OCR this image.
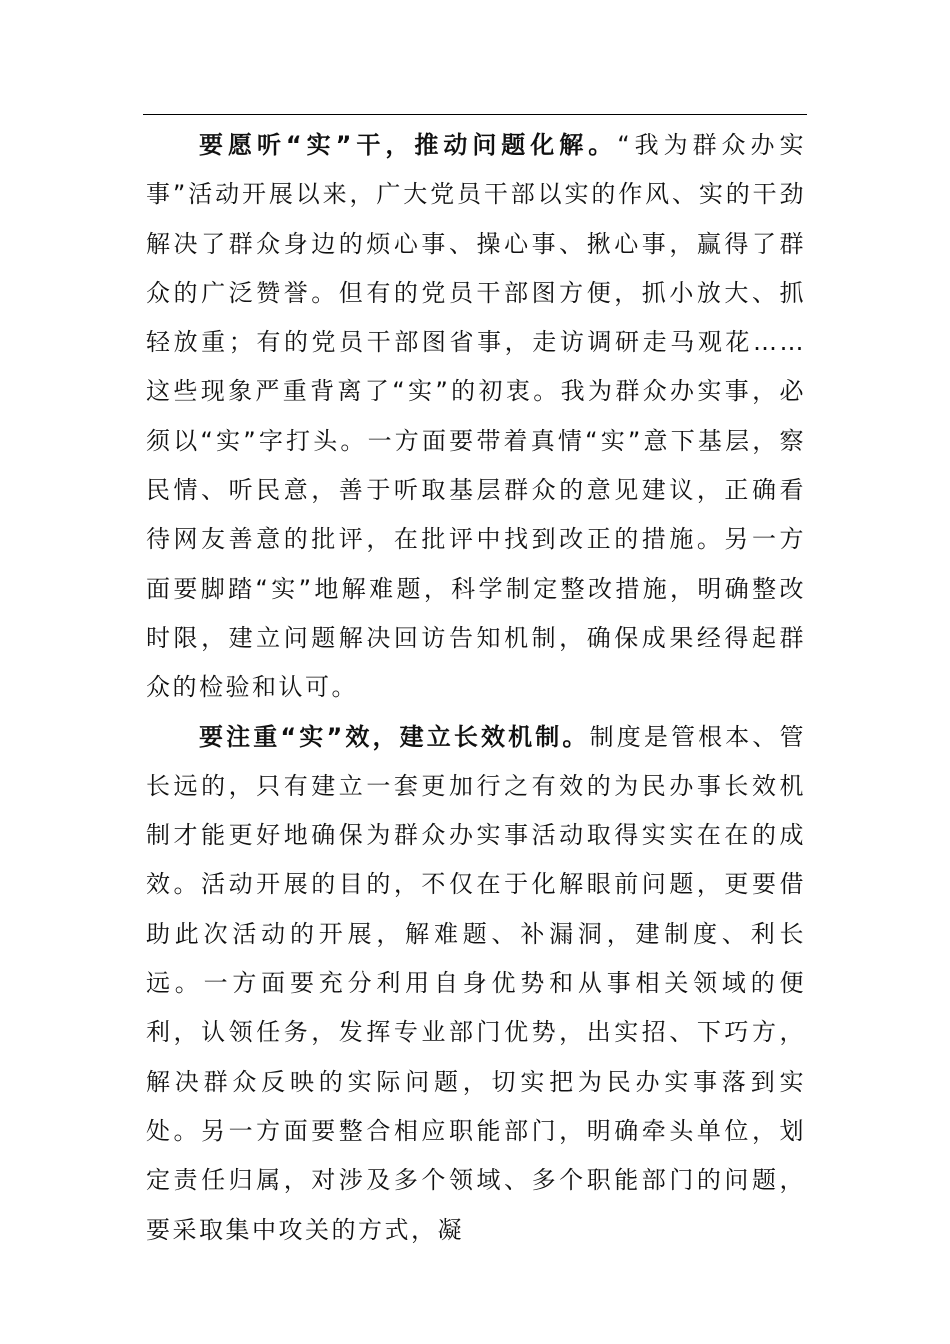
要愿听“实”干，推动问题化解。“我为群众办实事”活动开展以来，广大党员干部以实的作风、实的干劲解决了群众身边的烦心事、操心事、揪心事，赢得了群众的广泛赞誉。但有的党员干部图方便，抓小放大、抓轻放重；有的党员干部图省事，走访调研走马观花……这些现象严重背离了“实”的初衷。我为群众办实事，必须以“实”字打头。一方面要带着真情“实”意下基层，察民情、听民意，善于听取基层群众的意见建议，正确看待网友善意的批评，在批评中找到改正的措施。另一方面要脚踏“实”地解难题，科学制定整改措施，明确整改时限，建立问题解决回访告知机制，确保成果经得起群众的检验和认可。

要注重“实”效，建立长效机制。制度是管根本、管长远的，只有建立一套更加行之有效的为民办事长效机制才能更好地确保为群众办实事活动取得实实在在的成效。活动开展的目的，不仅在于化解眼前问题，更要借助此次活动的开展，解难题、补漏洞，建制度、利长远。一方面要充分利用自身优势和从事相关领域的便利，认领任务，发挥专业部门优势，出实招、下巧方，解决群众反映的实际问题，切实把为民办实事落到实处。另一方面要整合相应职能部门，明确牵头单位，划定责任归属，对涉及多个领域、多个职能部门的问题，要采取集中攻关的方式，凝
